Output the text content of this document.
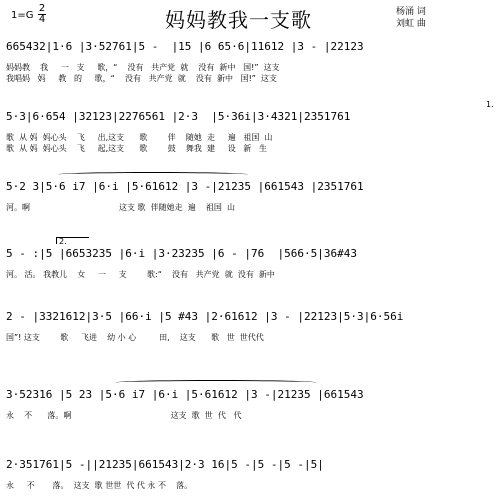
1=G
2
4	妈妈教我一支歌	杨涌 词
刘虹 曲
665432|1·6 |3·52761|5 -  |15 |6 65·6|11612 |3 - |22123
妈妈教    我     一   支     歌，“    没有   共产党  就    没有  新中   国!”  这支
我唱妈   妈     教   的     歌，“    没有   共产党  就    没有  新中   国!”  这支
5·3|6·654 |32123|2276561 |2·3  |5·36i|3·4321|2351761
歌  从 妈  妈心头    飞     出,这支      歌        伴    随她  走     遍   祖国  山
歌  从 妈  妈心头    飞     起,这支      歌        鼓    舞我  建     设   新   生
5·2 3|5·6 i7 |6·i |5·61612 |3 -|21235 |661543 |2351761
河。啊                                   这支 歌  伴随她走  遍    祖国  山
2.
5 - :|5 |6653235 |6·i |3·23235 |6 - |76  |566·5|36#43
河。 活。 我教儿    女     一     支        歌:“    没有   共产党  就  没有  新中
2 - |3321612|3·5 |66·i |5 #43 |2·61612 |3 - |22123|5·3|6·56i
国”! 这支        歌     飞进    幼 小 心         田,    这支      歌   世  世代代
3·52316 |5 23 |5·6 i7 |6·i |5·61612 |3 -|21235 |661543
永    不      落。啊                                       这支  歌  世  代   代
2·351761|5 -||21235|661543|2·3 16|5 -|5 -|5 -|5|
永     不       落。  这支  歌 世世  代 代 永 不    落。
1.
